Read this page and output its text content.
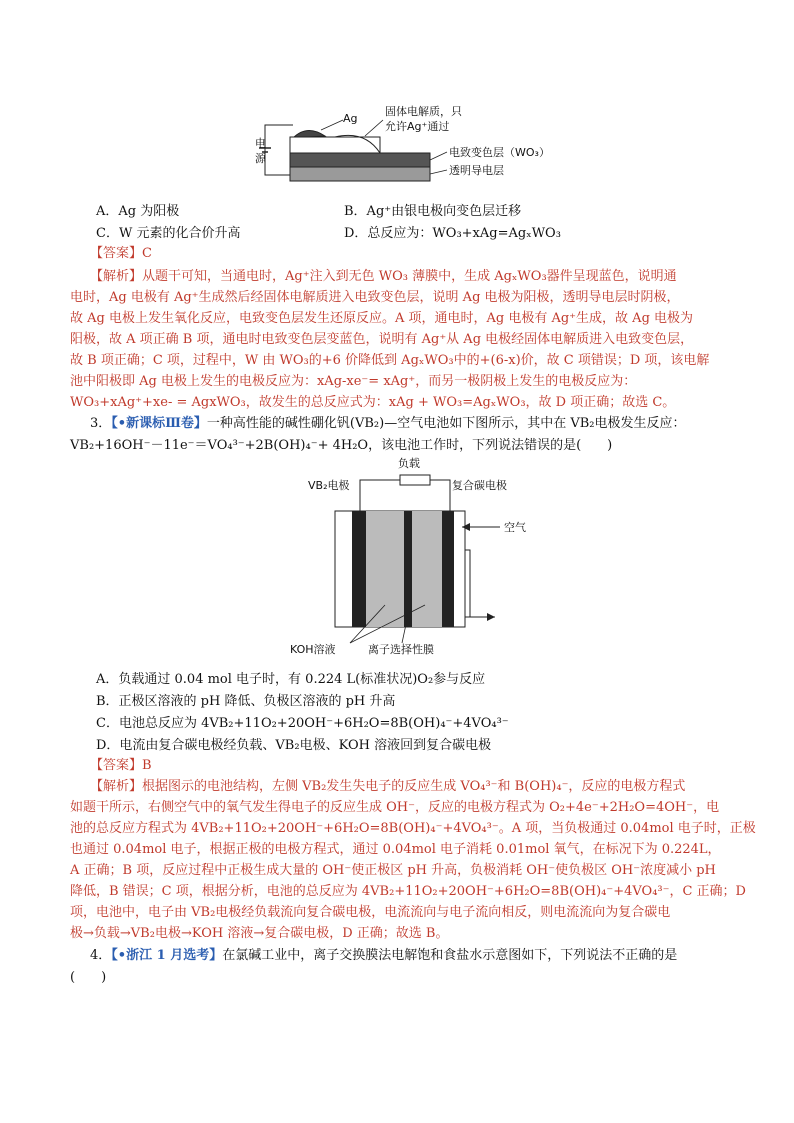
电
源
Ag
固体电解质，只
允许Ag⁺通过
电致变色层（WO₃）
透明导电层
A．Ag 为阳极	B．Ag⁺由银电极向变色层迁移
C．W 元素的化合价升高	D．总反应为：WO₃+xAg=AgₓWO₃
【答案】C
【解析】从题干可知，当通电时，Ag⁺注入到无色 WO₃ 薄膜中，生成 AgₓWO₃器件呈现蓝色，说明通
电时，Ag 电极有 Ag⁺生成然后经固体电解质进入电致变色层，说明 Ag 电极为阳极，透明导电层时阴极，
故 Ag 电极上发生氧化反应，电致变色层发生还原反应。A 项，通电时，Ag 电极有 Ag⁺生成，故 Ag 电极为
阳极，故 A 项正确 B 项，通电时电致变色层变蓝色，说明有 Ag⁺从 Ag 电极经固体电解质进入电致变色层，
故 B 项正确；C 项，过程中，W 由 WO₃的+6 价降低到 AgₓWO₃中的+(6-x)价，故 C 项错误；D 项，该电解
池中阳极即 Ag 电极上发生的电极反应为：xAg-xe⁻= xAg⁺，而另一极阴极上发生的电极反应为：
WO₃+xAg⁺+xe- = AgxWO₃，故发生的总反应式为：xAg + WO₃=AgₓWO₃，故 D 项正确；故选 C。
3．【•新课标Ⅲ卷】一种高性能的碱性硼化钒(VB₂)—空气电池如下图所示，其中在 VB₂电极发生反应：
VB₂+16OH⁻－11e⁻＝VO₄³⁻+2B(OH)₄⁻+ 4H₂O，该电池工作时，下列说法错误的是(　　)
负载
VB₂电极	复合碳电极
空气
KOH溶液	离子选择性膜
A．负载通过 0.04 mol 电子时，有 0.224 L(标准状况)O₂参与反应
B．正极区溶液的 pH 降低、负极区溶液的 pH 升高
C．电池总反应为 4VB₂+11O₂+20OH⁻+6H₂O=8B(OH)₄⁻+4VO₄³⁻
D．电流由复合碳电极经负载、VB₂电极、KOH 溶液回到复合碳电极
【答案】B
【解析】根据图示的电池结构，左侧 VB₂发生失电子的反应生成 VO₄³⁻和 B(OH)₄⁻，反应的电极方程式
如题干所示，右侧空气中的氧气发生得电子的反应生成 OH⁻，反应的电极方程式为 O₂+4e⁻+2H₂O=4OH⁻，电
池的总反应方程式为 4VB₂+11O₂+20OH⁻+6H₂O=8B(OH)₄⁻+4VO₄³⁻。A 项，当负极通过 0.04mol 电子时，正极
也通过 0.04mol 电子，根据正极的电极方程式，通过 0.04mol 电子消耗 0.01mol 氧气，在标况下为 0.224L，
A 正确；B 项，反应过程中正极生成大量的 OH⁻使正极区 pH 升高，负极消耗 OH⁻使负极区 OH⁻浓度减小 pH
降低，B 错误；C 项，根据分析，电池的总反应为 4VB₂+11O₂+20OH⁻+6H₂O=8B(OH)₄⁻+4VO₄³⁻，C 正确；D
项，电池中，电子由 VB₂电极经负载流向复合碳电极，电流流向与电子流向相反，则电流流向为复合碳电
极→负载→VB₂电极→KOH 溶液→复合碳电极，D 正确；故选 B。
4．【•浙江 1 月选考】在氯碱工业中，离子交换膜法电解饱和食盐水示意图如下，下列说法不正确的是
(　　)
